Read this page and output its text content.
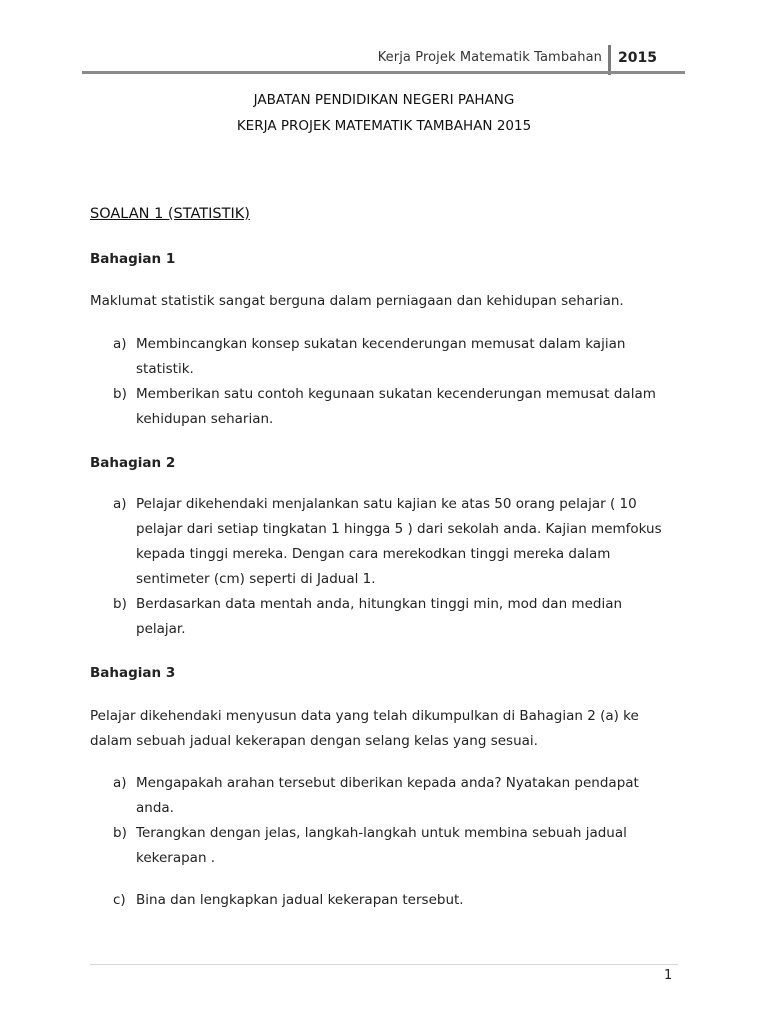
Kerja Projek Matematik Tambahan 2015
JABATAN PENDIDIKAN NEGERI PAHANG
KERJA PROJEK MATEMATIK TAMBAHAN 2015
SOALAN 1 (STATISTIK)
Bahagian 1
Maklumat statistik sangat berguna dalam perniagaan dan kehidupan seharian.
a) Membincangkan konsep sukatan kecenderungan memusat dalam kajian statistik.
b) Memberikan satu contoh kegunaan sukatan kecenderungan memusat dalam kehidupan seharian.
Bahagian 2
a) Pelajar dikehendaki menjalankan satu kajian ke atas 50 orang pelajar ( 10 pelajar dari setiap tingkatan 1 hingga 5 ) dari sekolah anda. Kajian memfokus kepada tinggi mereka. Dengan cara merekodkan tinggi mereka dalam sentimeter (cm) seperti di Jadual 1.
b) Berdasarkan data mentah anda, hitungkan tinggi min, mod dan median pelajar.
Bahagian 3
Pelajar dikehendaki menyusun data yang telah dikumpulkan di Bahagian 2 (a) ke dalam sebuah jadual kekerapan dengan selang kelas yang sesuai.
a) Mengapakah arahan tersebut diberikan kepada anda? Nyatakan pendapat anda.
b) Terangkan dengan jelas, langkah-langkah untuk membina sebuah jadual kekerapan .
c) Bina dan lengkapkan jadual kekerapan tersebut.
1
